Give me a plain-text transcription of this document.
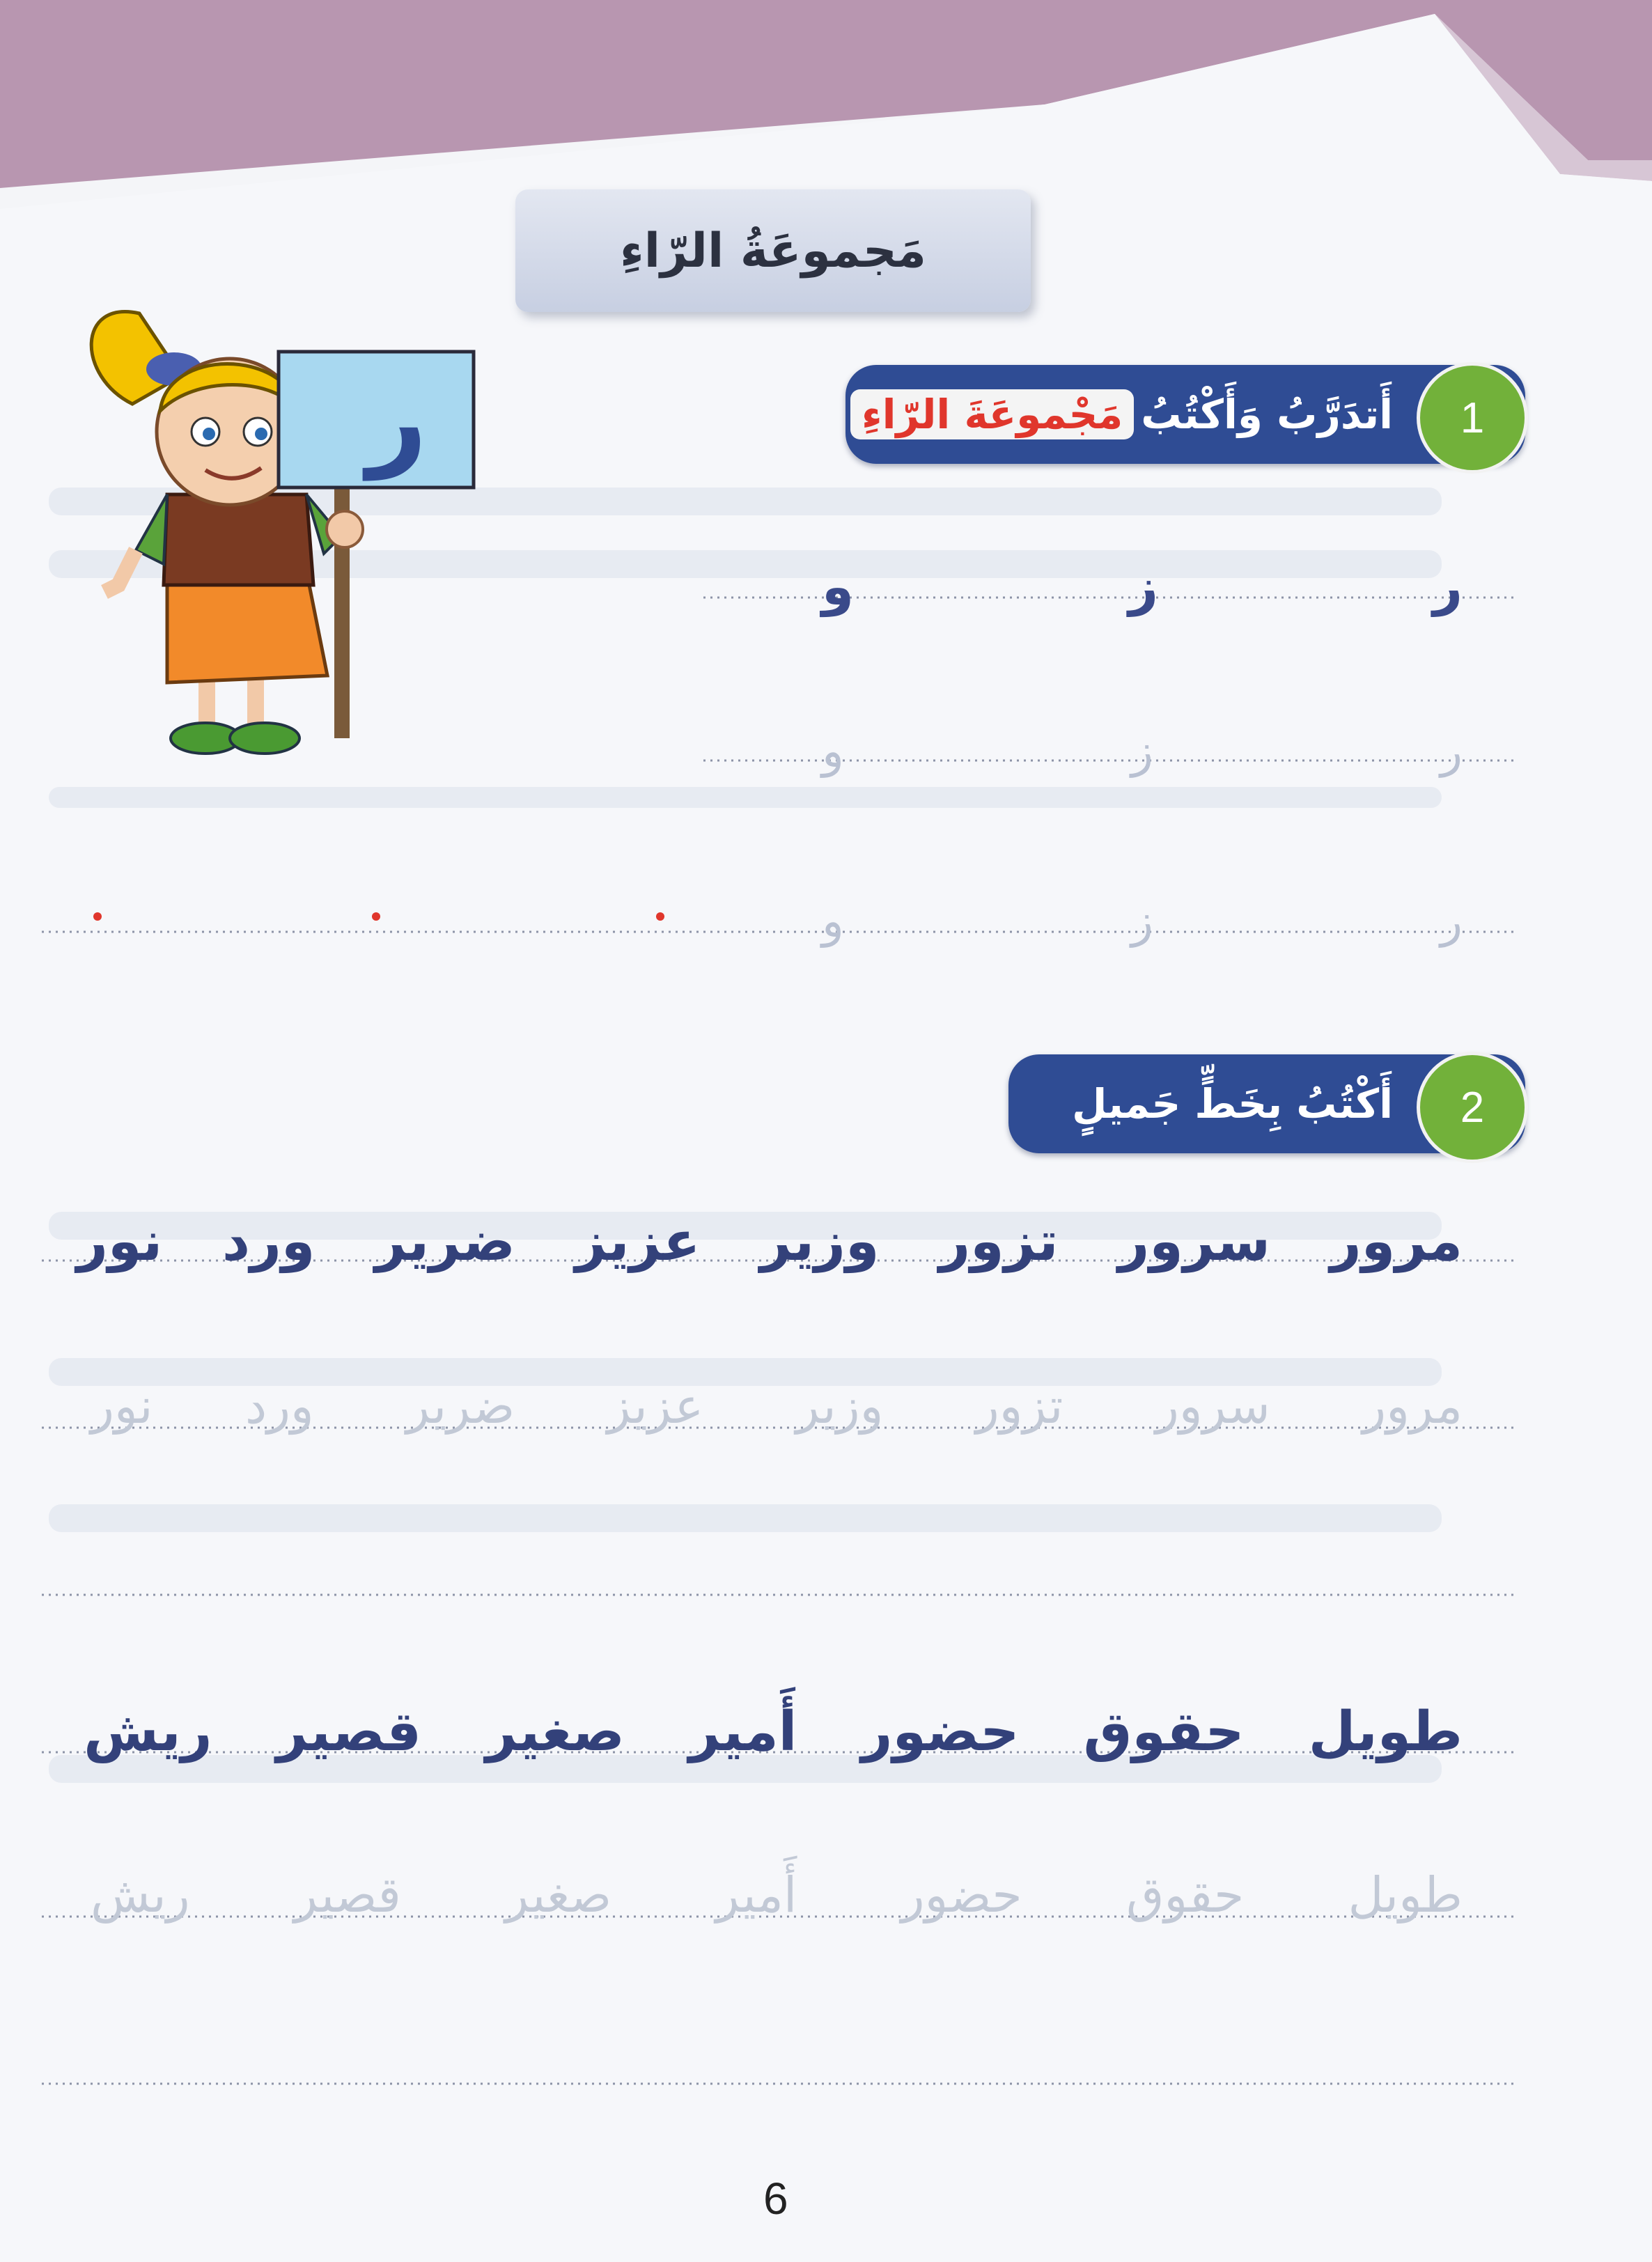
ر
مَجموعَةُ الرّاءِ
1
أَتدَرَّبُ وَأَكْتُبُ
مَجْموعَةَ الرّاءِ
ر
ز
و
ر
ز
و
ر
ز
و
2
أَكْتُبُ بِخَطٍّ جَميلٍ
مرور
سرور
تزور
وزير
عزيز
ضرير
ورد
نور
مرور
سرور
تزور
وزير
عزيز
ضرير
ورد
نور
طويل
حقوق
حضور
أَمير
صغير
قصير
ريش
طويل
حقوق
حضور
أَمير
صغير
قصير
ريش
6
